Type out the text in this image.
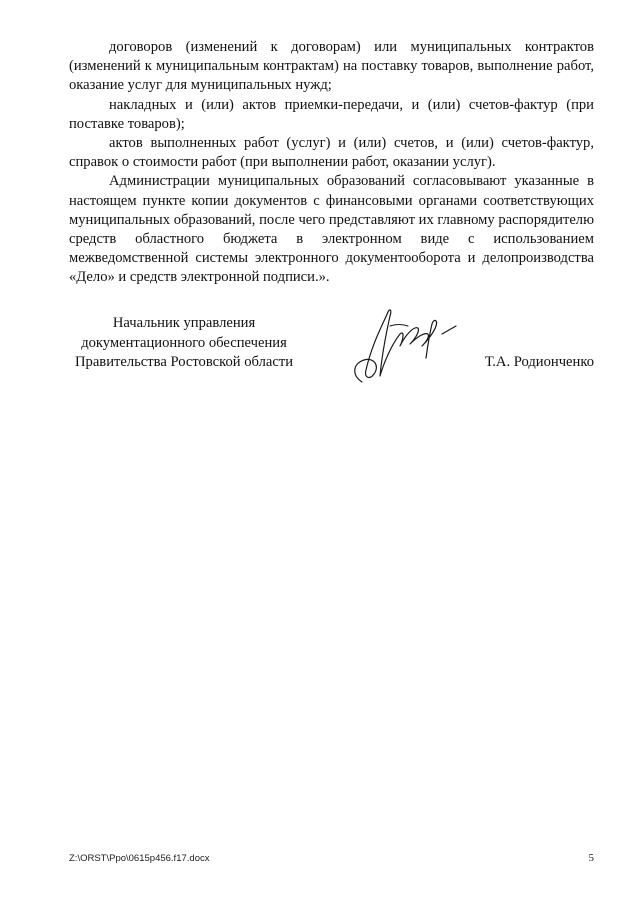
договоров (изменений к договорам) или муниципальных контрактов (изменений к муниципальным контрактам) на поставку товаров, выполнение работ, оказание услуг для муниципальных нужд;

накладных и (или) актов приемки-передачи, и (или) счетов-фактур (при поставке товаров);

актов выполненных работ (услуг) и (или) счетов, и (или) счетов-фактур, справок о стоимости работ (при выполнении работ, оказании услуг).

Администрации муниципальных образований согласовывают указанные в настоящем пункте копии документов с финансовыми органами соответствующих муниципальных образований, после чего представляют их главному распорядителю средств областного бюджета в электронном виде с использованием межведомственной системы электронного документооборота и делопроизводства «Дело» и средств электронной подписи.».

Начальник управления
документационного обеспечения
Правительства Ростовской области	Т.А. Родионченко
Z:\ORST\Ppo\0615p456.f17.docx	5
